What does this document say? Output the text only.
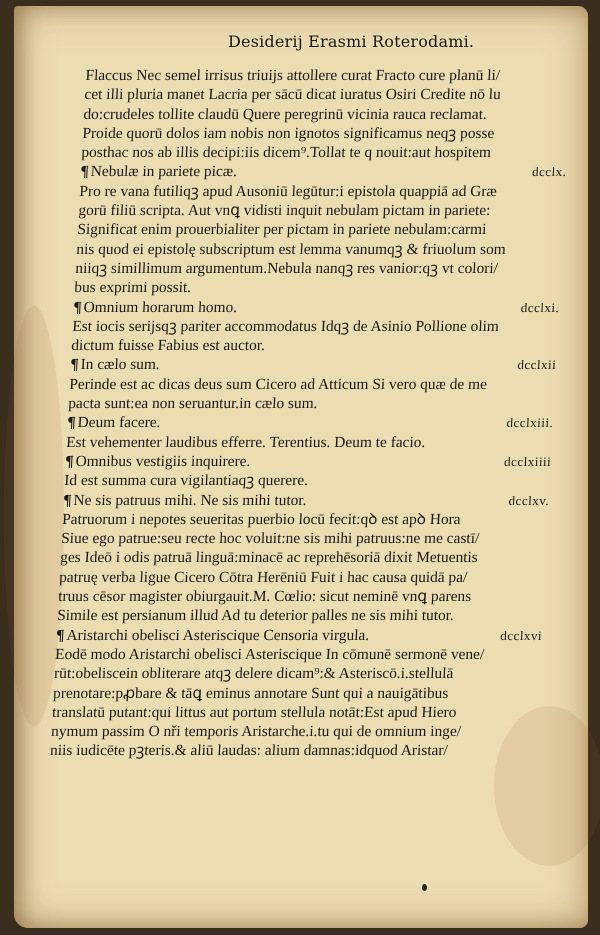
Desiderij Erasmi Roterodami.
Flaccus Nec semel irrisus triuijs attollere curat Fracto cure planū li/
cet illi pluria manet Lacria per sācū dicat iuratus Osiri Credite nō lu
do:crudeles tollite claudū Quere peregrinū vicinia rauca reclamat.
Proide quorū dolos iam nobis non ignotos significamus neqꝫ posse
posthac nos ab illis decipi:iis dicem⁹.Tollat te q nouit:aut hospitem
¶Nebulæ in pariete picæ.	dcclx.
Pro re vana futiliqꝫ apud Ausoniū legūtur:i epistola quappiā ad Græ
gorū filiū scripta. Aut vnꝗ vidisti inquit nebulam pictam in pariete:
Significat enim prouerbialiter per pictam in pariete nebulam:carmi
nis quod ei epistolę subscriptum est lemma vanumqꝫ & friuolum som
niiqꝫ simillimum argumentum.Nebula nanqꝫ res vanior:qꝫ vt colori/
bus exprimi possit.
¶Omnium horarum homo.	dcclxi.
Est iocis serijsqꝫ pariter accommodatus Idqꝫ de Asinio Pollione olim
dictum fuisse Fabius est auctor.
¶In cælo sum.	dcclxii
Perinde est ac dicas deus sum Cicero ad Atticum Si vero quæ de me
pacta sunt:ea non seruantur.in cælo sum.
¶Deum facere.	dcclxiii.
Est vehementer laudibus efferre. Terentius. Deum te facio.
¶Omnibus vestigiis inquirere.	dcclxiiii
Id est summa cura vigilantiaqꝫ querere.
¶Ne sis patruus mihi. Ne sis mihi tutor.	dcclxv.
Patruorum i nepotes seueritas puerbio locū fecit:qꝺ est apꝺ Hora
Siue ego patrue:seu recte hoc voluit:ne sis mihi patruus:ne me castī/
ges Ideō i odis patruā linguā:minacē ac reprehēsoriā dixit Metuentis
patruę verba ligue Cicero Cōtra Herēniū Fuit i hac causa quidā pa/
truus cēsor magister obiurgauit.M. Cœlio: sicut neminē vnꝗ parens
Simile est persianum illud Ad tu deterior palles ne sis mihi tutor.
¶Aristarchi obelisci Asteriscique Censoria virgula.	dcclxvi
Eodē modo Aristarchi obelisci Asteriscique In cōmunē sermonē vene/
rūt:obeliscein obliterare atqꝫ delere dicam⁹:& Asteriscō.i.stellulā
prenotare:pꝓbare & tāꝗ eminus annotare Sunt qui a nauigātibus
translatū putant:qui littus aut portum stellula notāt:Est apud Hiero
nymum passim O nři temporis Aristarche.i.tu qui de omnium inge/
niis iudicēte pꝫteris.& aliū laudas: alium damnas:idquod Aristar/
